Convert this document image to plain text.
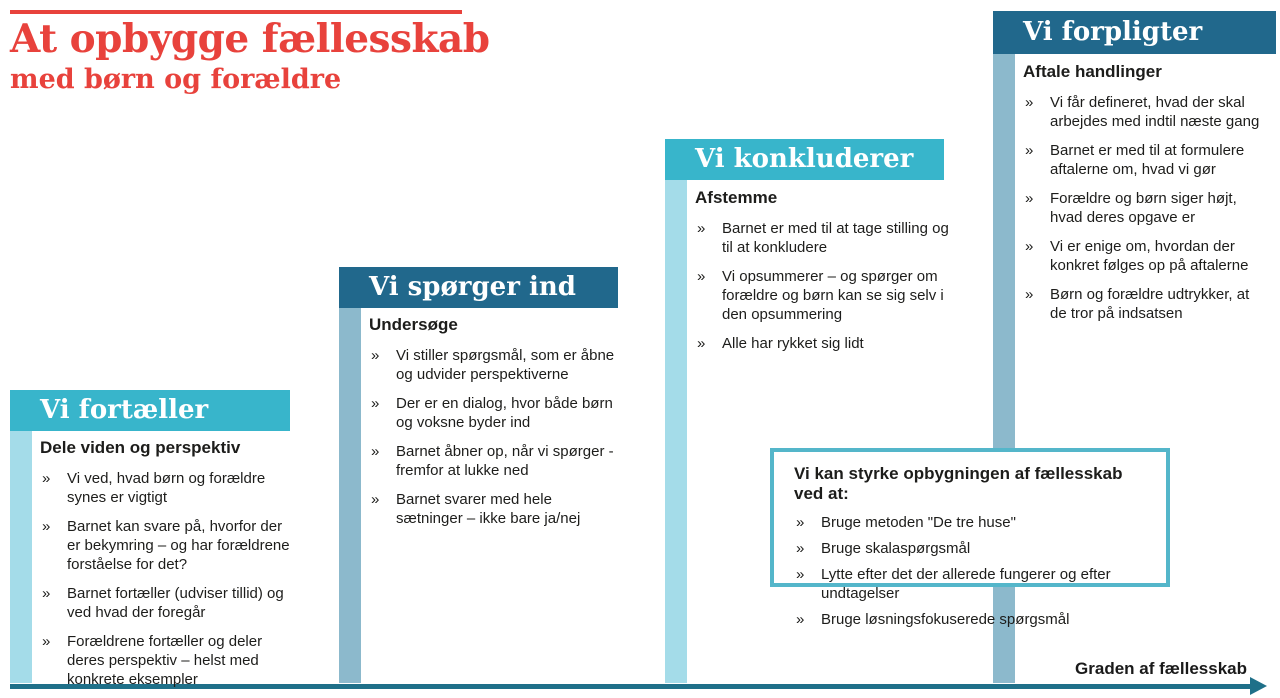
At opbygge fællesskab
med børn og forældre
Vi fortæller
Dele viden og perspektiv
» Vi ved, hvad børn og forældre synes er vigtigt
» Barnet kan svare på, hvorfor der er bekymring – og har forældrene forståelse for det?
» Barnet fortæller (udviser tillid) og ved hvad der foregår
» Forældrene fortæller og deler deres perspektiv – helst med konkrete eksempler
Vi spørger ind
Undersøge
» Vi stiller spørgsmål, som er åbne og udvider perspektiverne
» Der er en dialog, hvor både børn og voksne byder ind
» Barnet åbner op, når vi spørger - fremfor at lukke ned
» Barnet svarer med hele sætninger – ikke bare ja/nej
Vi konkluderer
Afstemme
» Barnet er med til at tage stilling og til at konkludere
» Vi opsummerer – og spørger om forældre og børn kan se sig selv i den opsummering
» Alle har rykket sig lidt
Vi forpligter
Aftale handlinger
» Vi får defineret, hvad der skal arbejdes med indtil næste gang
» Barnet er med til at formulere aftalerne om, hvad vi gør
» Forældre og børn siger højt, hvad deres opgave er
» Vi er enige om, hvordan der konkret følges op på aftalerne
» Børn og forældre udtrykker, at de tror på indsatsen
Vi kan styrke opbygningen af fællesskab ved at:
» Bruge metoden "De tre huse"
» Bruge skalaspørgsmål
» Lytte efter det der allerede fungerer og efter undtagelser
» Bruge løsningsfokuserede spørgsmål
Graden af fællesskab
